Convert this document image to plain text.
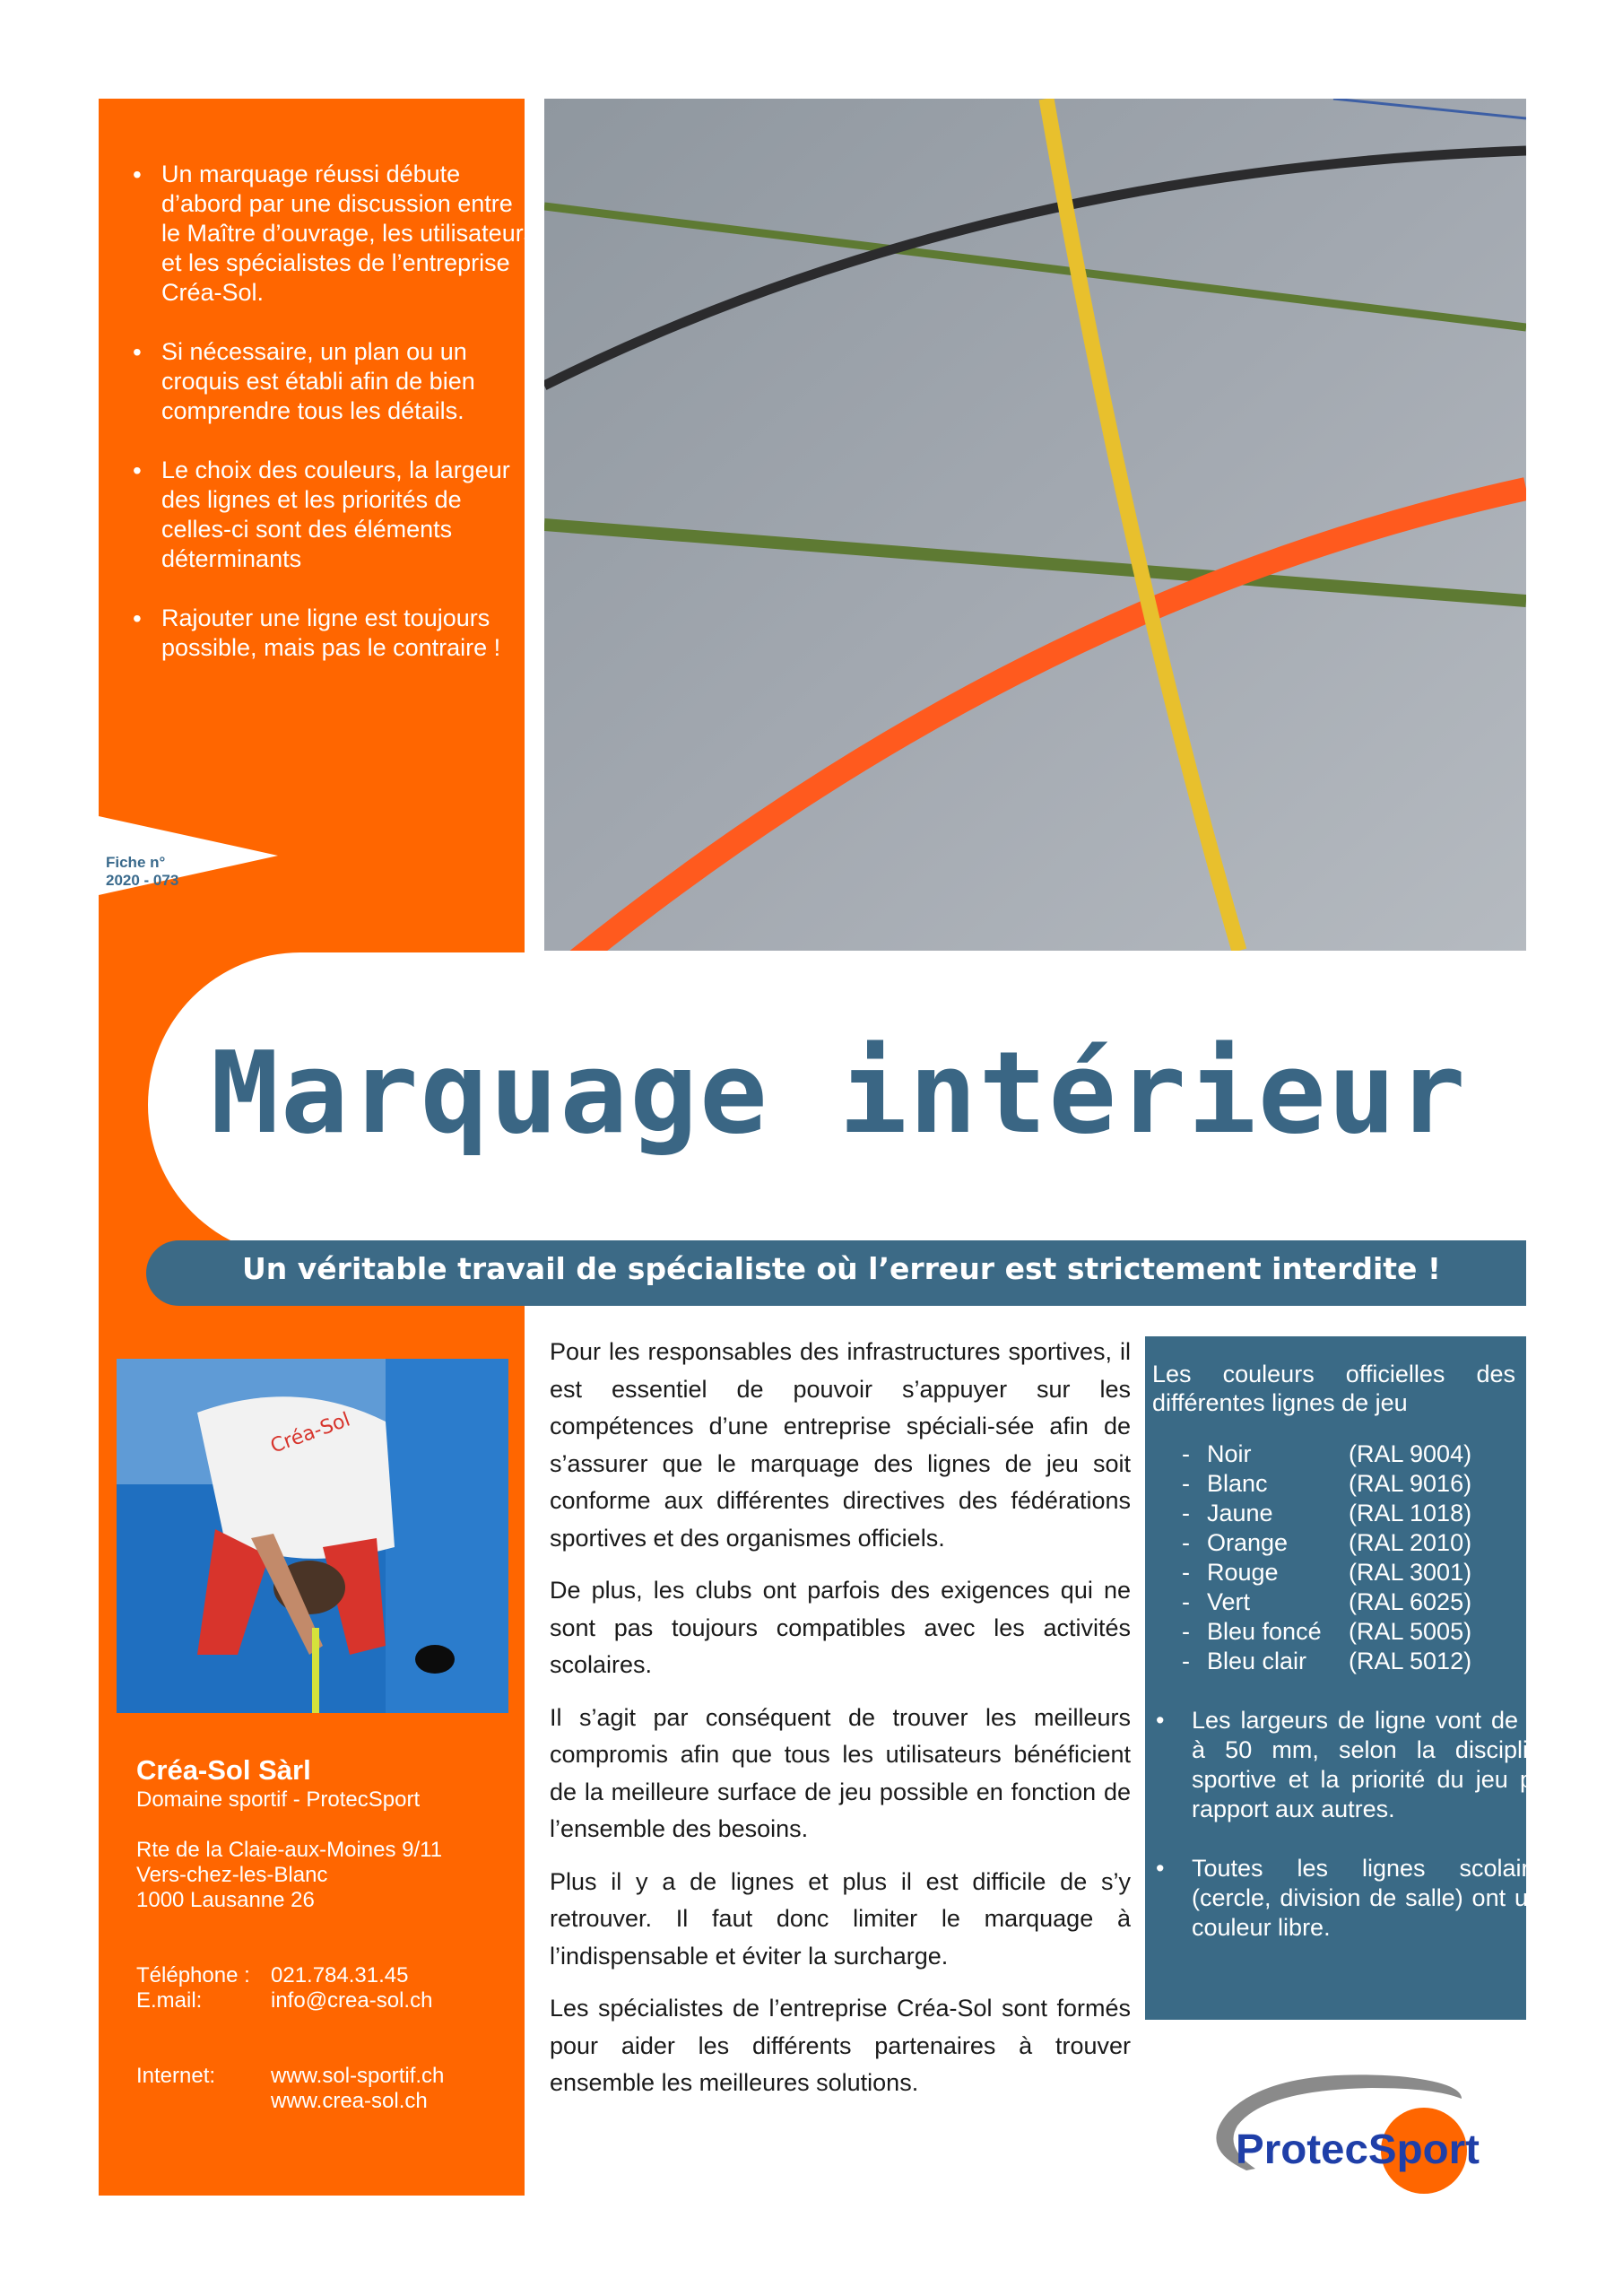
• Un marquage réussi débute d’abord par une discussion entre le Maître d’ouvrage, les utilisateurs et les spécialistes de l’entreprise Créa-Sol.
• Si nécessaire, un plan ou un croquis est établi afin de bien comprendre tous les détails.
• Le choix des couleurs, la largeur des lignes et les priorités de celles-ci sont des éléments déterminants
• Rajouter une ligne est toujours possible, mais pas le contraire !
Fiche n°
2020 - 073
Marquage intérieur
Un véritable travail de spécialiste où l’erreur est strictement interdite !
Créa-Sol
Créa-Sol Sàrl
Domaine sportif - ProtecSport
Rte de la Claie-aux-Moines 9/11
Vers-chez-les-Blanc
1000 Lausanne 26
Téléphone : 021.784.31.45
E.mail:	info@crea-sol.ch
Internet:	www.sol-sportif.ch
www.crea-sol.ch

Pour les responsables des infrastructures sportives, il est essentiel de pouvoir s’appuyer sur les compétences d’une entreprise spéciali-sée afin de s’assurer que le marquage des lignes de jeu soit conforme aux différentes directives des fédérations sportives et des organismes officiels.

De plus, les clubs ont parfois des exigences qui ne sont pas toujours compatibles avec les activités scolaires.

Il s’agit par conséquent de trouver les meilleurs compromis afin que tous les utilisateurs bénéficient de la meilleure surface de jeu possible en fonction de l’ensemble des besoins.

Plus il y a de lignes et plus il est difficile de s’y retrouver. Il faut donc limiter le marquage à l’indispensable et éviter la surcharge.

Les spécialistes de l’entreprise Créa-Sol sont formés pour aider les différents partenaires à trouver ensemble les meilleures solutions.

Les couleurs officielles des différentes lignes de jeu
- Noir	(RAL 9004)
- Blanc	(RAL 9016)
- Jaune	(RAL 1018)
- Orange	(RAL 2010)
- Rouge	(RAL 3001)
- Vert	(RAL 6025)
- Bleu foncé (RAL 5005)
- Bleu clair (RAL 5012)
• Les largeurs de ligne vont de 20 à 50 mm, selon la discipline sportive et la priorité du jeu par rapport aux autres.
• Toutes les lignes scolaires (cercle, division de salle) ont une couleur libre.
ProtecSport
